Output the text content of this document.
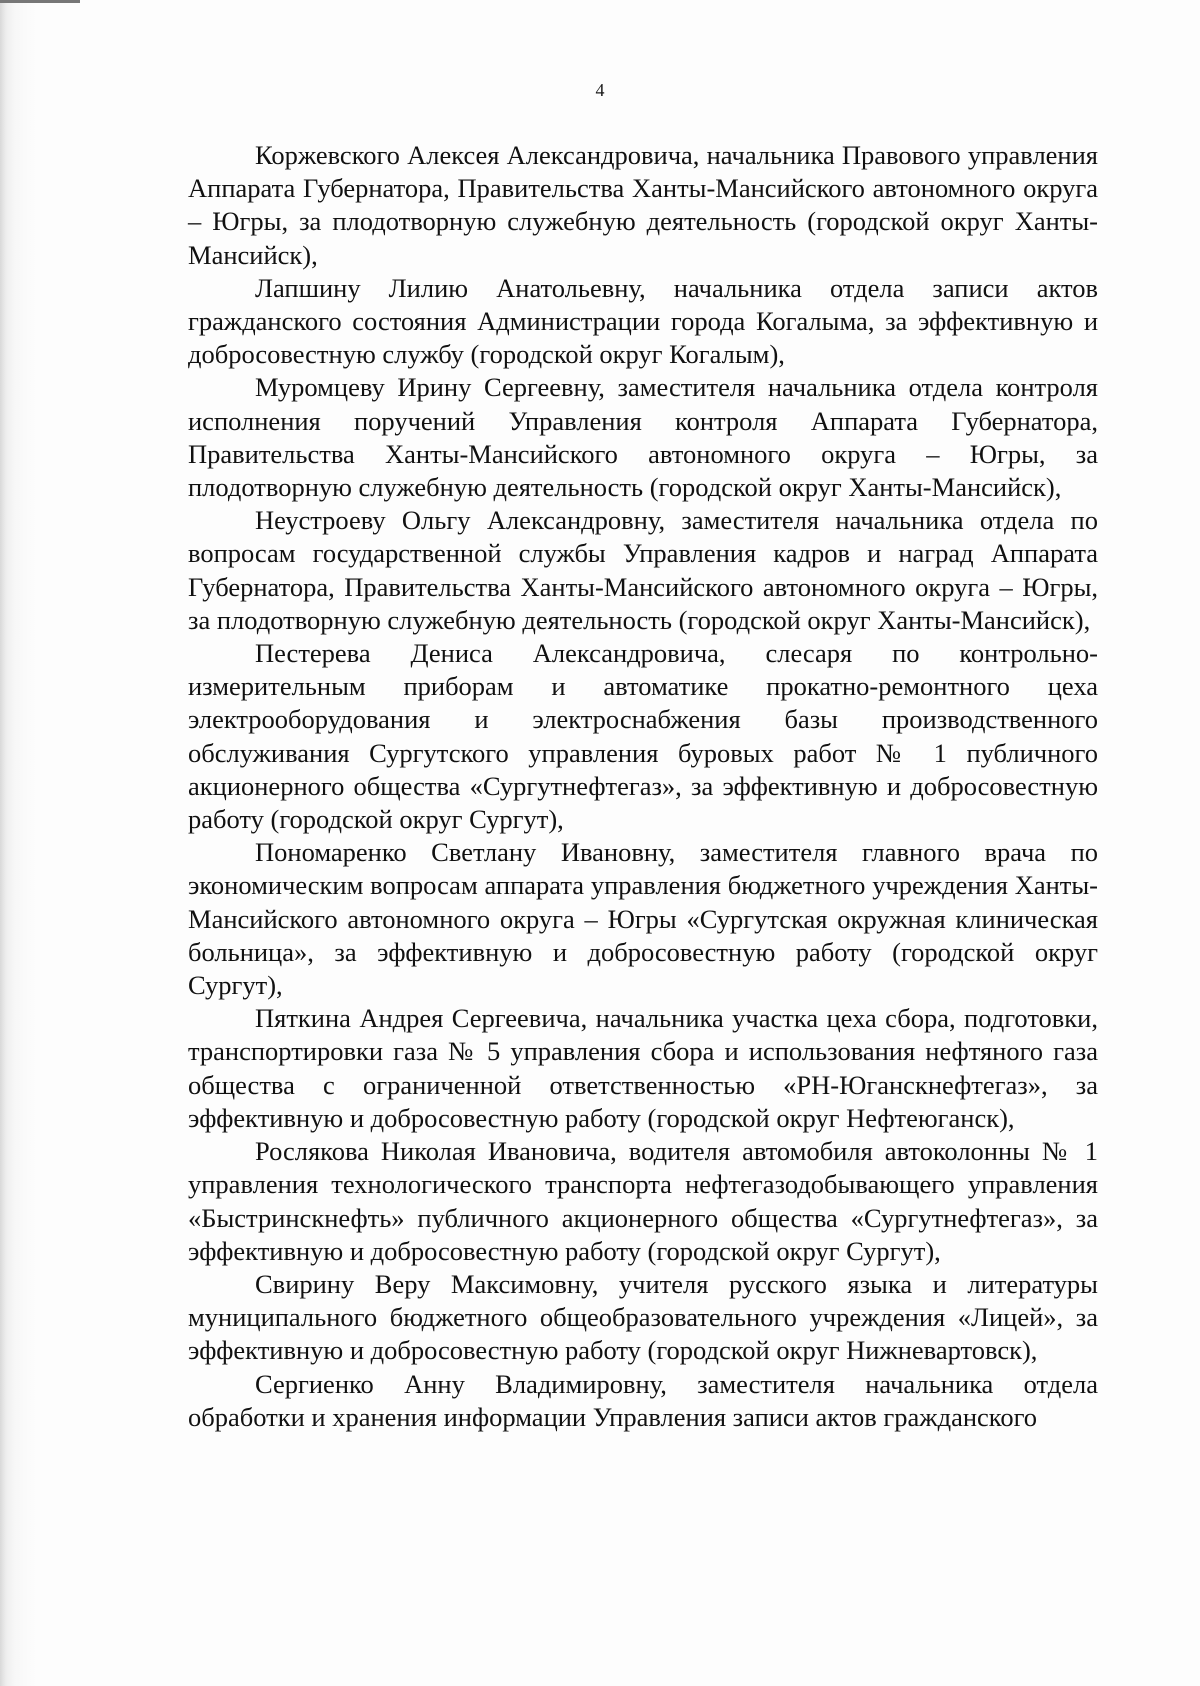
4

Коржевского Алексея Александровича, начальника Правового управления Аппарата Губернатора, Правительства Ханты-Мансийского автономного округа – Югры, за плодотворную служебную деятельность (городской округ Ханты-Мансийск),

Лапшину Лилию Анатольевну, начальника отдела записи актов гражданского состояния Администрации города Когалыма, за эффективную и добросовестную службу (городской округ Когалым),

Муромцеву Ирину Сергеевну, заместителя начальника отдела контроля исполнения поручений Управления контроля Аппарата Губернатора, Правительства Ханты-Мансийского автономного округа – Югры, за плодотворную служебную деятельность (городской округ Ханты-Мансийск),

Неустроеву Ольгу Александровну, заместителя начальника отдела по вопросам государственной службы Управления кадров и наград Аппарата Губернатора, Правительства Ханты-Мансийского автономного округа – Югры, за плодотворную служебную деятельность (городской округ Ханты-Мансийск),

Пестерева Дениса Александровича, слесаря по контрольно-измерительным приборам и автоматике прокатно-ремонтного цеха электрооборудования и электроснабжения базы производственного обслуживания Сургутского управления буровых работ № 1 публичного акционерного общества «Сургутнефтегаз», за эффективную и добросовестную работу (городской округ Сургут),

Пономаренко Светлану Ивановну, заместителя главного врача по экономическим вопросам аппарата управления бюджетного учреждения Ханты-Мансийского автономного округа – Югры «Сургутская окружная клиническая больница», за эффективную и добросовестную работу (городской округ Сургут),

Пяткина Андрея Сергеевича, начальника участка цеха сбора, подготовки, транспортировки газа № 5 управления сбора и использования нефтяного газа общества с ограниченной ответственностью «РН-Юганскнефтегаз», за эффективную и добросовестную работу (городской округ Нефтеюганск),

Рослякова Николая Ивановича, водителя автомобиля автоколонны № 1 управления технологического транспорта нефтегазодобывающего управления «Быстринскнефть» публичного акционерного общества «Сургутнефтегаз», за эффективную и добросовестную работу (городской округ Сургут),

Свирину Веру Максимовну, учителя русского языка и литературы муниципального бюджетного общеобразовательного учреждения «Лицей», за эффективную и добросовестную работу (городской округ Нижневартовск),

Сергиенко Анну Владимировну, заместителя начальника отдела обработки и хранения информации Управления записи актов гражданского
